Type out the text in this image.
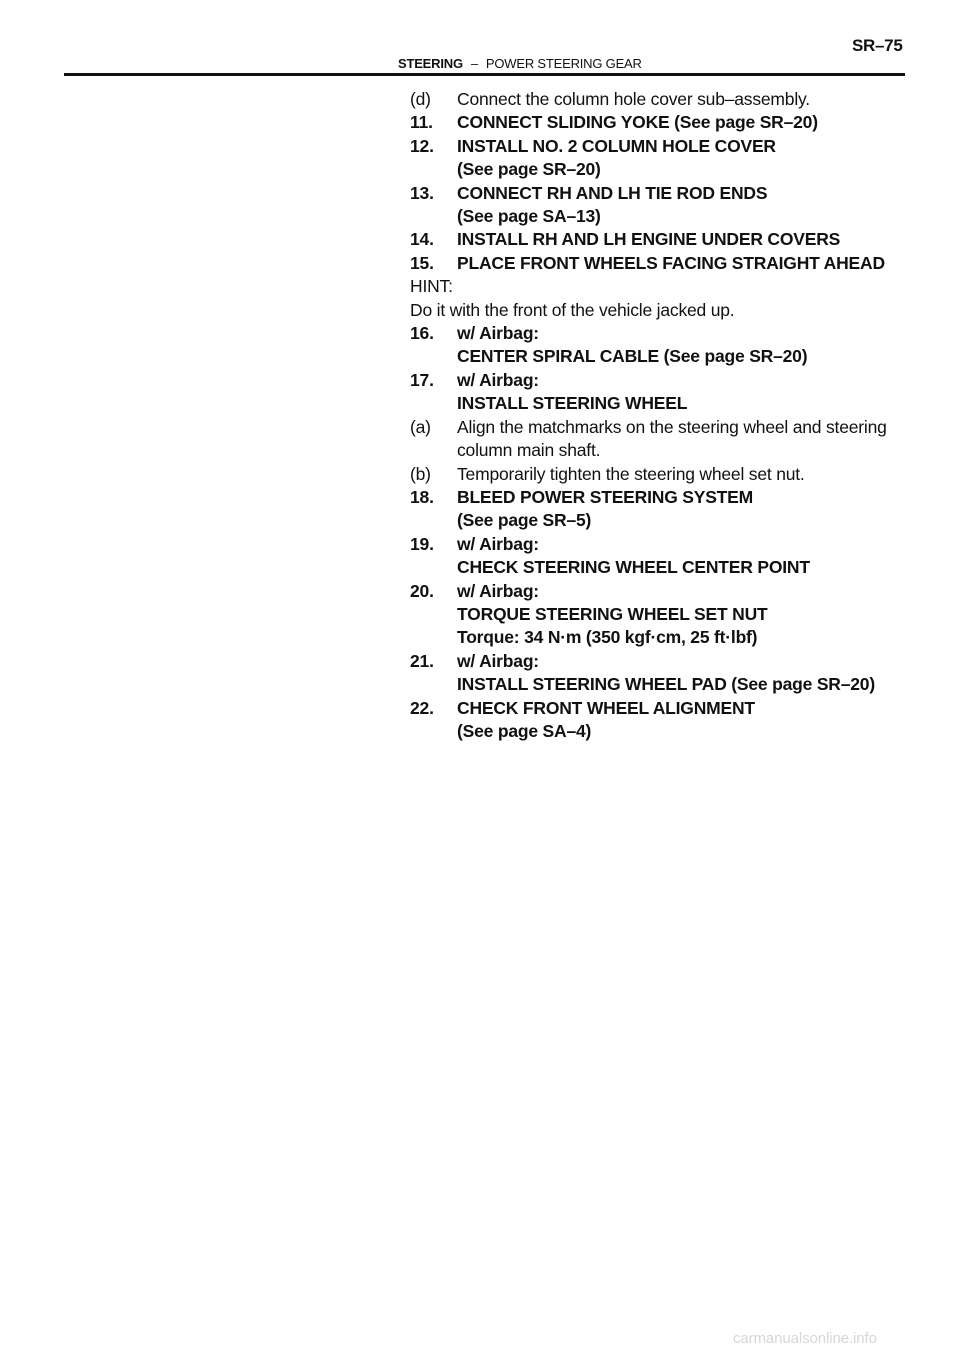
SR–75
STEERING – POWER STEERING GEAR
(d)	Connect the column hole cover sub–assembly.
11.	CONNECT SLIDING YOKE (See page SR–20)
12.	INSTALL NO. 2 COLUMN HOLE COVER
(See page SR–20)
13.	CONNECT RH AND LH TIE ROD ENDS
(See page SA–13)
14.	INSTALL RH AND LH ENGINE UNDER COVERS
15.	PLACE FRONT WHEELS FACING STRAIGHT AHEAD
HINT:
Do it with the front of the vehicle jacked up.
16.	w/ Airbag:
CENTER SPIRAL CABLE (See page SR–20)
17.	w/ Airbag:
INSTALL STEERING WHEEL
(a)	Align the matchmarks on the steering wheel and steering
column main shaft.
(b)	Temporarily tighten the steering wheel set nut.
18.	BLEED POWER STEERING SYSTEM
(See page SR–5)
19.	w/ Airbag:
CHECK STEERING WHEEL CENTER POINT
20.	w/ Airbag:
TORQUE STEERING WHEEL SET NUT
Torque: 34 N·m (350 kgf·cm, 25 ft·lbf)
21.	w/ Airbag:
INSTALL STEERING WHEEL PAD (See page SR–20)
22.	CHECK FRONT WHEEL ALIGNMENT
(See page SA–4)
carmanualsonline.info
